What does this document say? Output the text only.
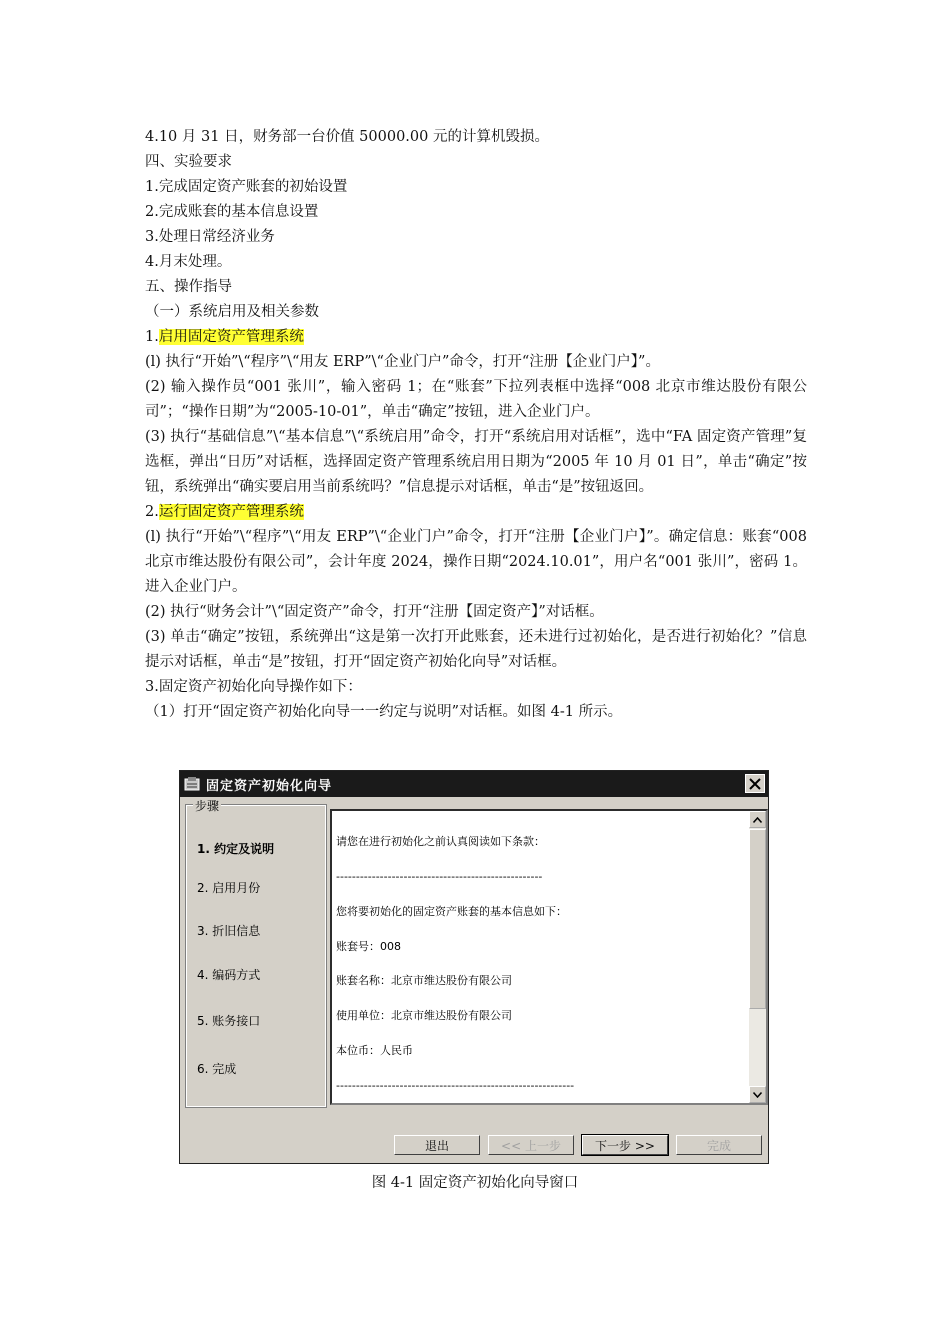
4.10 月 31 日，财务部一台价值 50000.00 元的计算机毁损。
四、实验要求
1.完成固定资产账套的初始设置
2.完成账套的基本信息设置
3.处理日常经济业务
4.月末处理。
五、操作指导
（一）系统启用及相关参数
1.启用固定资产管理系统
(l) 执行“开始”\“程序”\“用友 ERP”\“企业门户”命令，打开“注册【企业门户】”。
(2) 输入操作员“001 张川”，输入密码 1；在“账套”下拉列表框中选择“008 北京市维达股份有限公司”；“操作日期”为“2005-10-01”，单击“确定”按钮，进入企业门户。
(3) 执行“基础信息”\“基本信息”\“系统启用”命令，打开“系统启用对话框”，选中“FA 固定资产管理”复选框，弹出“日历”对话框，选择固定资产管理系统启用日期为“2005 年 10 月 01 日”，单击“确定”按钮，系统弹出“确实要启用当前系统吗？”信息提示对话框，单击“是”按钮返回。
2.运行固定资产管理系统
(l) 执行“开始”\“程序”\“用友 ERP”\“企业门户”命令，打开“注册【企业门户】”。确定信息：账套“008 北京市维达股份有限公司”，会计年度 2024，操作日期“2024.10.01”，用户名“001 张川”，密码 1。进入企业门户。
(2) 执行“财务会计”\“固定资产”命令，打开“注册【固定资产】”对话框。
(3) 单击“确定”按钮，系统弹出“这是第一次打开此账套，还未进行过初始化，是否进行初始化？”信息提示对话框，单击“是”按钮，打开“固定资产初始化向导”对话框。
3.固定资产初始化向导操作如下：
（1）打开“固定资产初始化向导一一约定与说明”对话框。如图 4-1 所示。
固定资产初始化向导
步骤
1. 约定及说明
2. 启用月份
3. 折旧信息
4. 编码方式
5. 账务接口
6. 完成

请您在进行初始化之前认真阅读如下条款：

----------------------------------------------------

您将要初始化的固定资产账套的基本信息如下：

账套号：008

账套名称：北京市维达股份有限公司

使用单位：北京市维达股份有限公司

本位币：人民币

------------------------------------------------------------

退出	<< 上一步	下一步 >>	完成
图 4-1 固定资产初始化向导窗口
